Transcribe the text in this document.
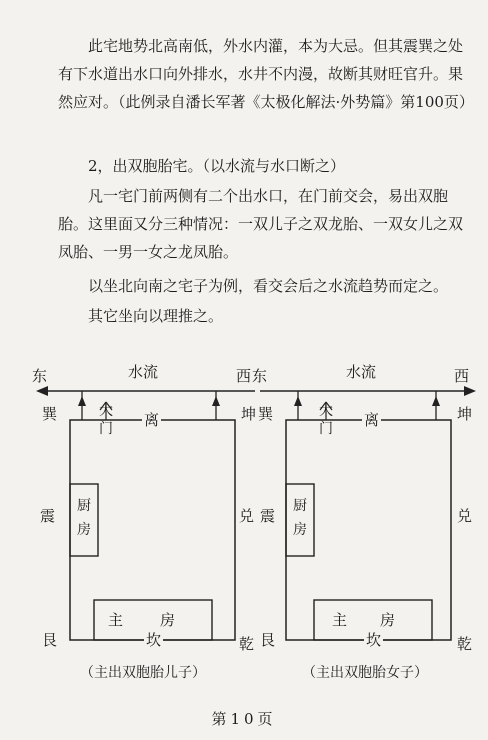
此宅地势北高南低，外水内灌，本为大忌。但其震巽之处有下水道出水口向外排水，水井不内漫，故断其财旺官升。果然应对。（此例录自潘长军著《太极化解法·外势篇》第100页）

2，出双胞胎宅。（以水流与水口断之）

凡一宅门前两侧有二个出水口，在门前交会，易出双胞胎。这里面又分三种情况：一双儿子之双龙胎、一双女儿之双凤胎、一男一女之龙凤胎。

以坐北向南之宅子为例，看交会后之水流趋势而定之。

其它坐向以理推之。

东	水流	西
巽	大门 离	坤
震
厨房
兑
主 房
艮	坎	乾
（主出双胞胎儿子）
东	水流	西
巽	大门 离	坤
震
厨房
兑
主 房
艮	坎	乾
（主出双胞胎女子）
第10页
